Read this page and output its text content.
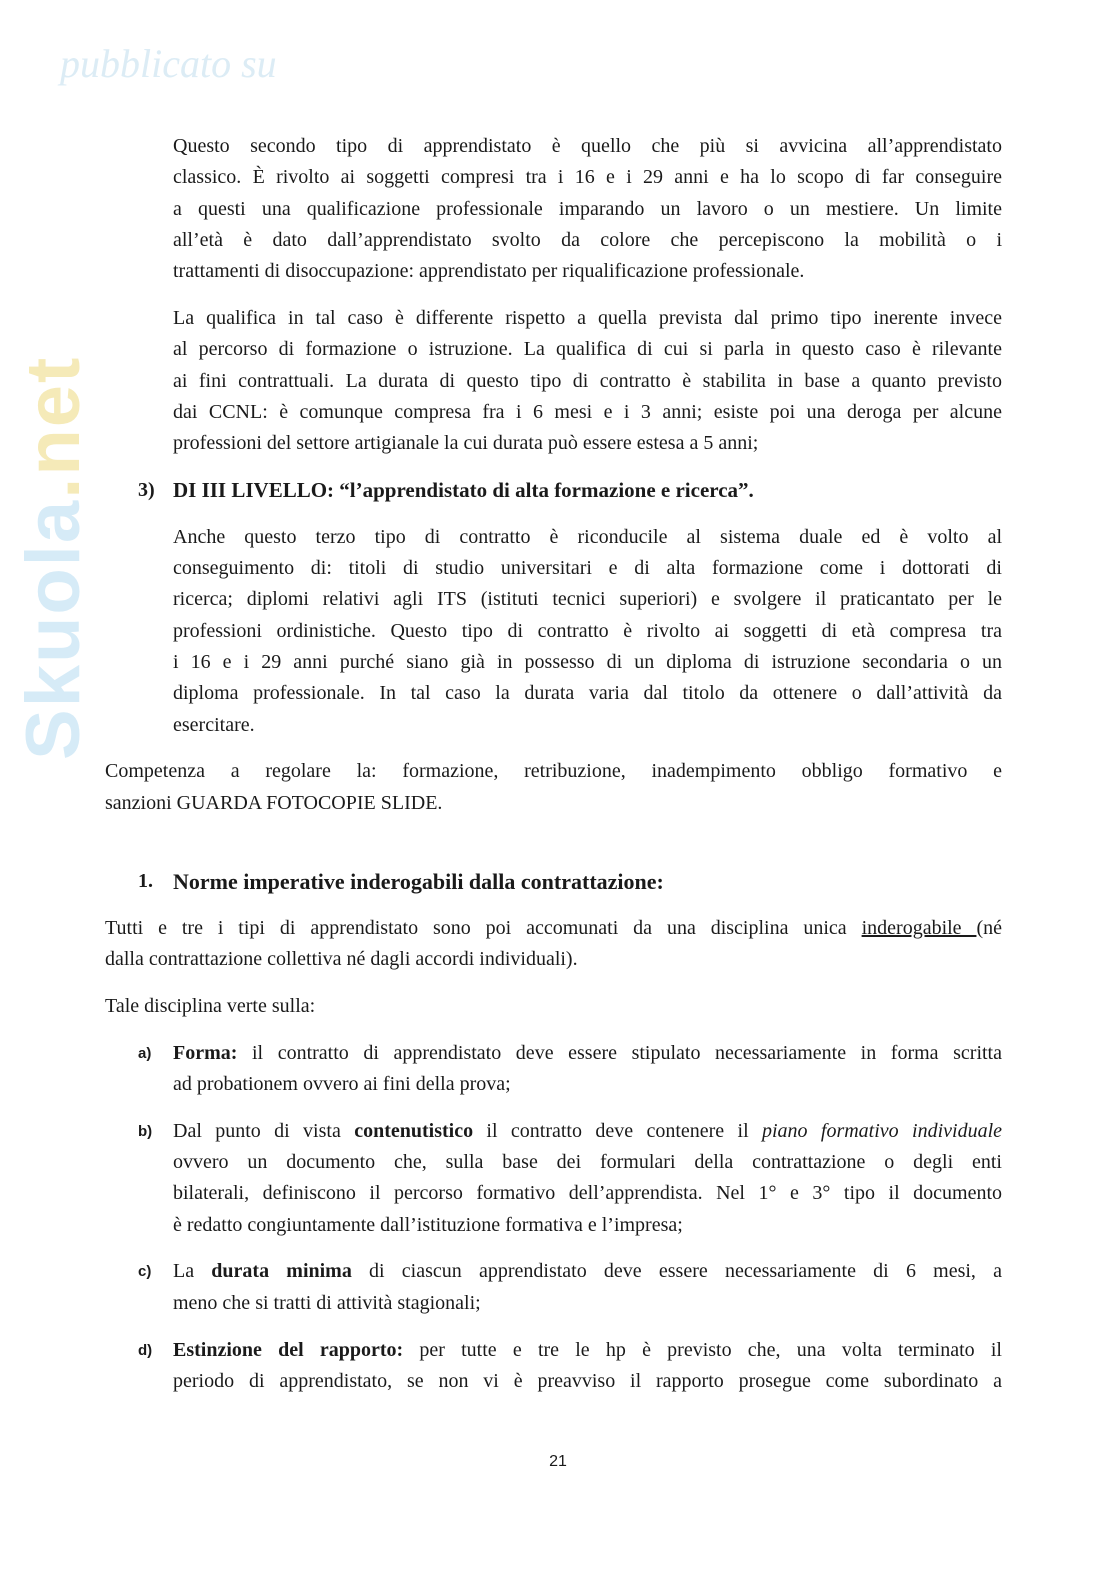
Skuola.net
pubblicato su
Questo secondo tipo di apprendistato è quello che più si avvicina all’apprendistato
classico. È rivolto ai soggetti compresi tra i 16 e i 29 anni e ha lo scopo di far conseguire
a questi una qualificazione professionale imparando un lavoro o un mestiere. Un limite
all’età è dato dall’apprendistato svolto da colore che percepiscono la mobilità o i
trattamenti di disoccupazione: apprendistato per riqualificazione professionale.
La qualifica in tal caso è differente rispetto a quella prevista dal primo tipo inerente invece
al percorso di formazione o istruzione. La qualifica di cui si parla in questo caso è rilevante
ai fini contrattuali. La durata di questo tipo di contratto è stabilita in base a quanto previsto
dai CCNL: è comunque compresa fra i 6 mesi e i 3 anni; esiste poi una deroga per alcune
professioni del settore artigianale la cui durata può essere estesa a 5 anni;
3) DI III LIVELLO: “l’apprendistato di alta formazione e ricerca”.
Anche questo terzo tipo di contratto è riconducile al sistema duale ed è volto al
conseguimento di: titoli di studio universitari e di alta formazione come i dottorati di
ricerca; diplomi relativi agli ITS (istituti tecnici superiori) e svolgere il praticantato per le
professioni ordinistiche. Questo tipo di contratto è rivolto ai soggetti di età compresa tra
i 16 e i 29 anni purché siano già in possesso di un diploma di istruzione secondaria o un
diploma professionale. In tal caso la durata varia dal titolo da ottenere o dall’attività da
esercitare.
Competenza a regolare la: formazione, retribuzione, inadempimento obbligo formativo e
sanzioni GUARDA FOTOCOPIE SLIDE.
1. Norme imperative inderogabili dalla contrattazione:
Tutti e tre i tipi di apprendistato sono poi accomunati da una disciplina unica inderogabile (né
dalla contrattazione collettiva né dagli accordi individuali).
Tale disciplina verte sulla:
a) Forma: il contratto di apprendistato deve essere stipulato necessariamente in forma scritta
ad probationem ovvero ai fini della prova;
b) Dal punto di vista contenutistico il contratto deve contenere il piano formativo individuale
ovvero un documento che, sulla base dei formulari della contrattazione o degli enti
bilaterali, definiscono il percorso formativo dell’apprendista. Nel 1° e 3° tipo il documento
è redatto congiuntamente dall’istituzione formativa e l’impresa;
c) La durata minima di ciascun apprendistato deve essere necessariamente di 6 mesi, a
meno che si tratti di attività stagionali;
d) Estinzione del rapporto: per tutte e tre le hp è previsto che, una volta terminato il
periodo di apprendistato, se non vi è preavviso il rapporto prosegue come subordinato a
21
